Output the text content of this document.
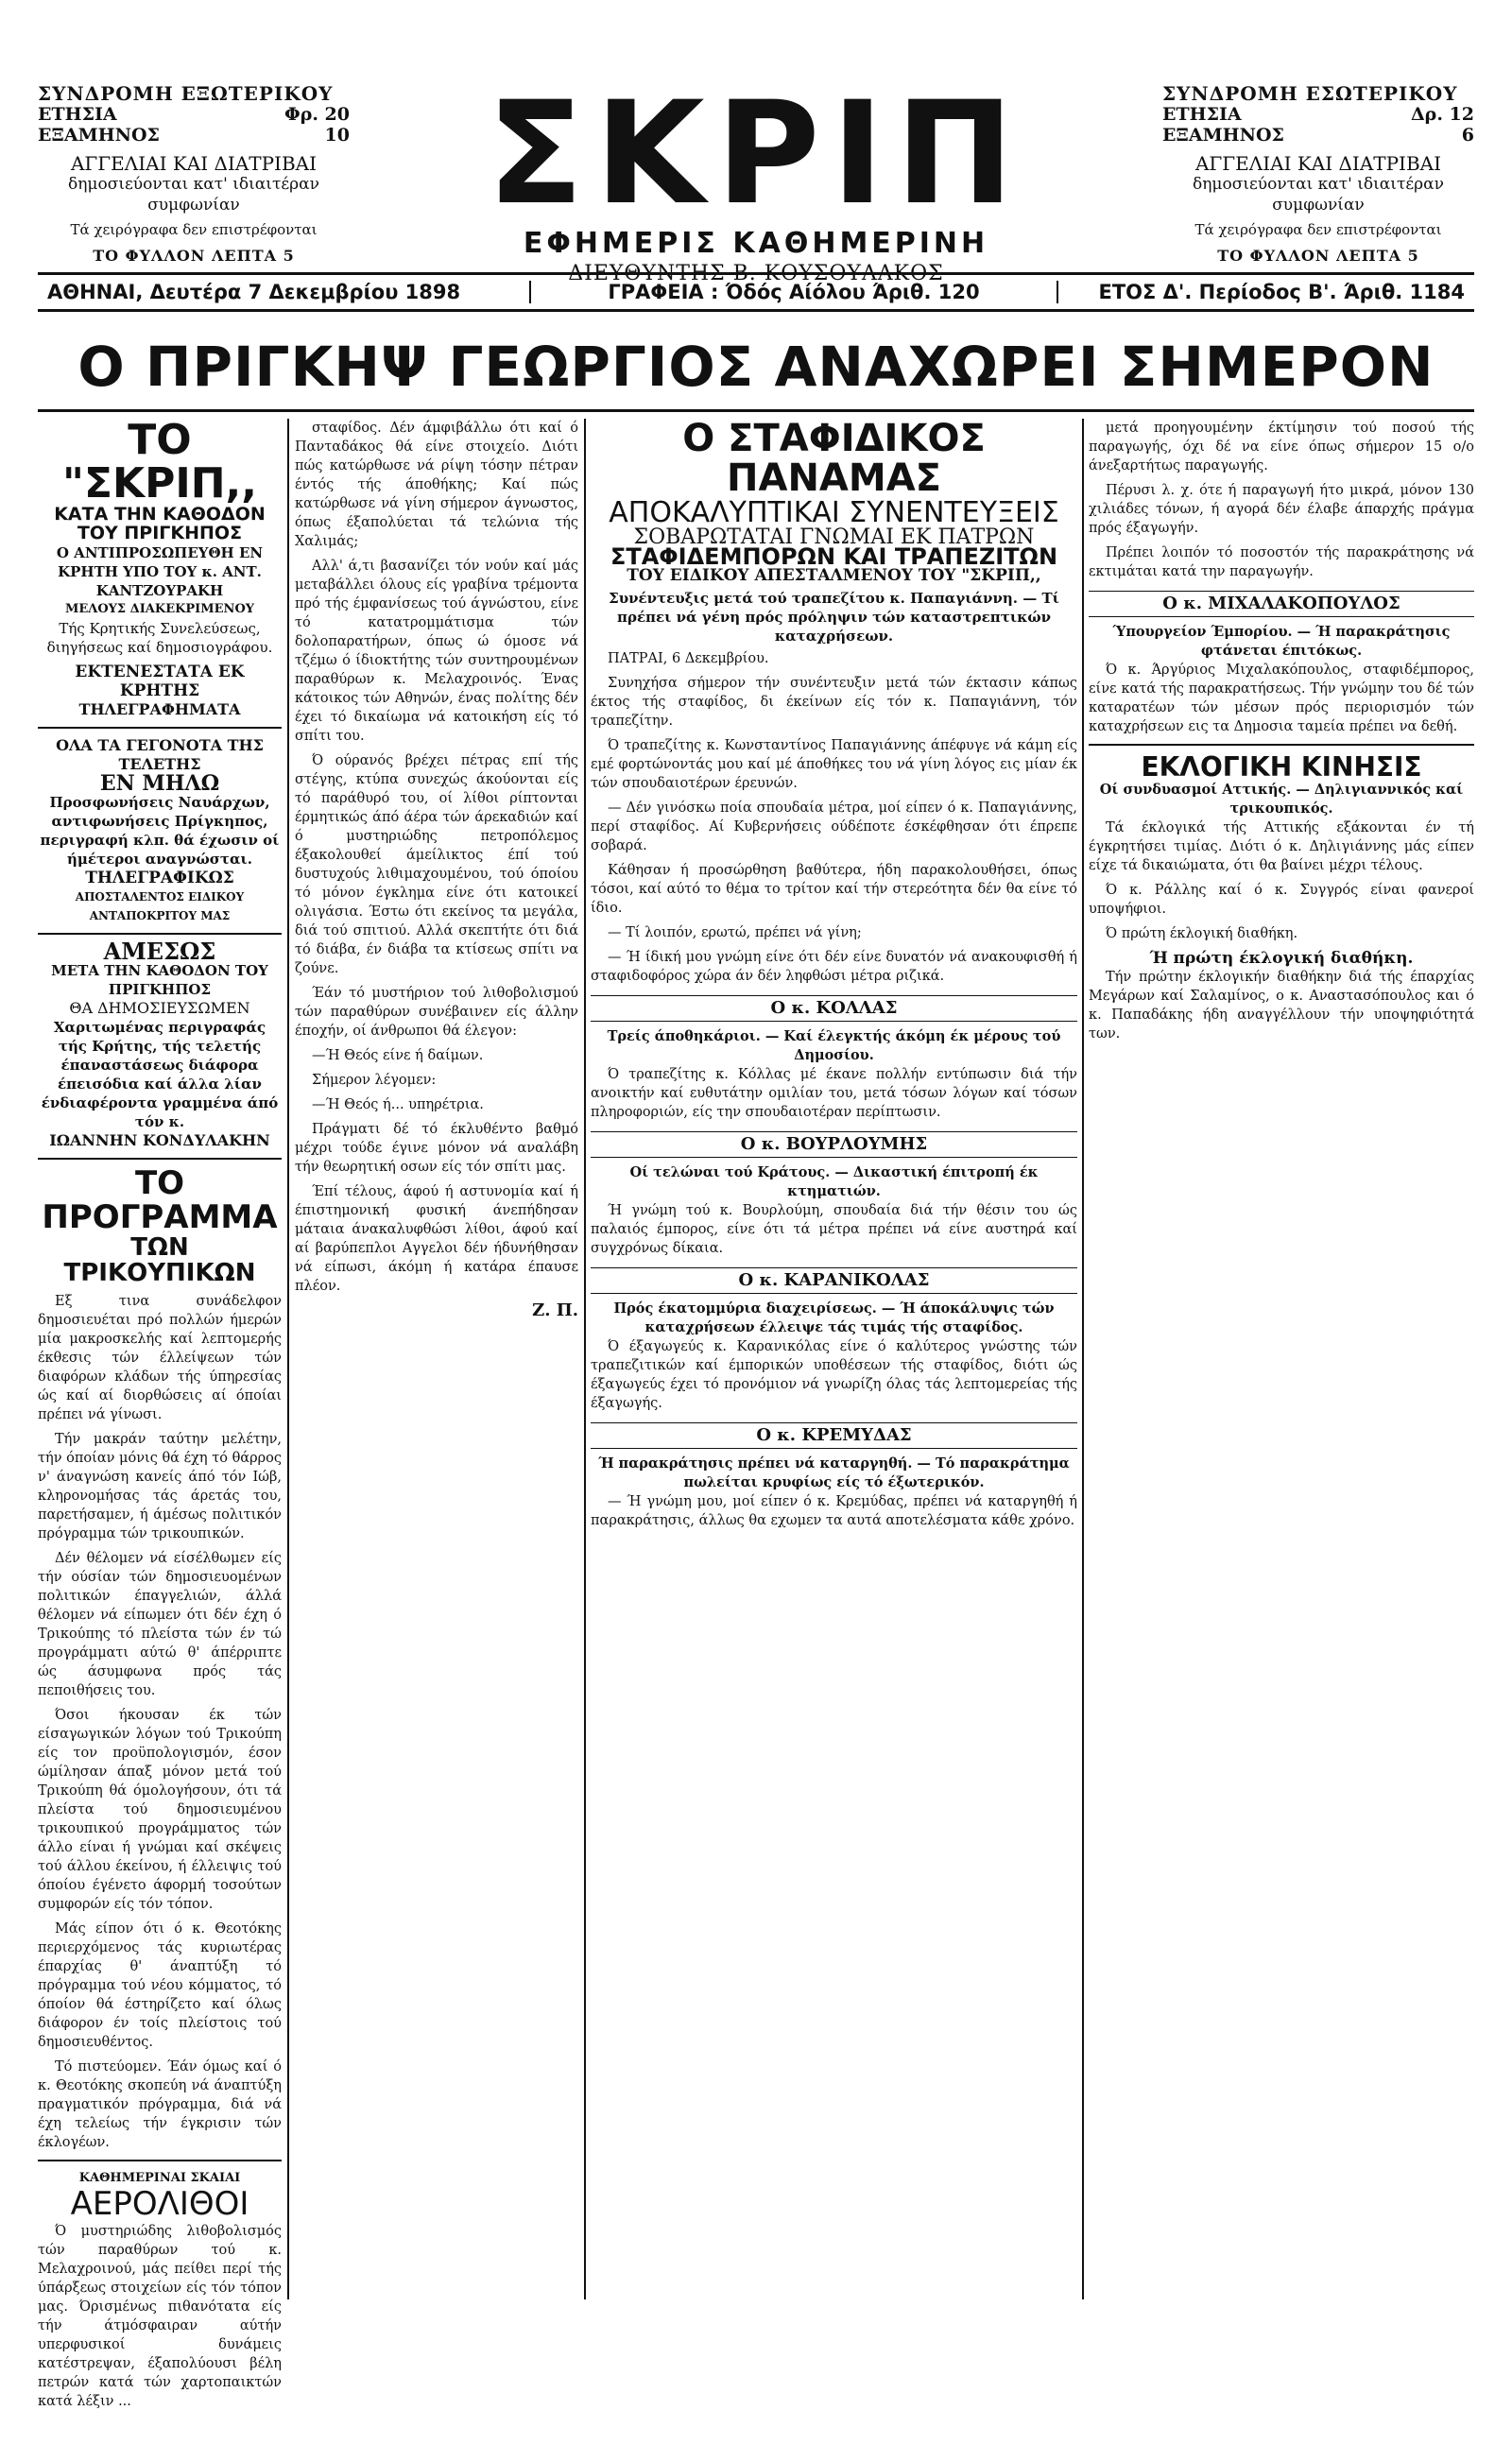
ΣΥΝΔΡΟΜΗ ΕΞΩΤΕΡΙΚΟΥ
ΕΤΗΣΙΑ	Φρ. 20
ΕΞΑΜΗΝΟΣ	10
ΑΓΓΕΛΙΑΙ ΚΑΙ ΔΙΑΤΡΙΒΑΙ
δημοσιεύονται κατ' ιδιαιτέραν συμφωνίαν
Τά χειρόγραφα δεν επιστρέφονται
ΤΟ ΦΥΛΛΟΝ ΛΕΠΤΑ 5
ΣΚΡΙΠ
ΕΦΗΜΕΡΙΣ ΚΑΘΗΜΕΡΙΝΗ
ΔΙΕΥΘΥΝΤΗΣ Β. ΚΟΥΣΟΥΛΑΚΟΣ
ΣΥΝΔΡΟΜΗ ΕΣΩΤΕΡΙΚΟΥ
ΕΤΗΣΙΑ	Δρ. 12
ΕΞΑΜΗΝΟΣ	6
ΑΓΓΕΛΙΑΙ ΚΑΙ ΔΙΑΤΡΙΒΑΙ
δημοσιεύονται κατ' ιδιαιτέραν συμφωνίαν
Τά χειρόγραφα δεν επιστρέφονται
ΤΟ ΦΥΛΛΟΝ ΛΕΠΤΑ 5
ΑΘΗΝΑΙ, Δευτέρα 7 Δεκεμβρίου 1898	ΓΡΑΦΕΙΑ : Όδός Αίόλου Άριθ. 120	ΕΤΟΣ Δ'. Περίοδος Β'. Άριθ. 1184
Ο ΠΡΙΓΚΗΨ ΓΕΩΡΓΙΟΣ ΑΝΑΧΩΡΕΙ ΣΗΜΕΡΟΝ
ΤΟ "ΣΚΡΙΠ,,
ΚΑΤΑ ΤΗΝ ΚΑΘΟΔΟΝ ΤΟΥ ΠΡΙΓΚΗΠΟΣ
Ο ΑΝΤΙΠΡΟΣΩΠΕΥΘΗ ΕΝ ΚΡΗΤΗ ΥΠΟ ΤΟΥ κ. ΑΝΤ. ΚΑΝΤΖΟΥΡΑΚΗ
ΜΕΛΟΥΣ ΔΙΑΚΕΚΡΙΜΕΝΟΥ
Τής Κρητικής Συνελεύσεως, διηγήσεως καί δημοσιογράφου.
ΕΚΤΕΝΕΣΤΑΤΑ ΕΚ ΚΡΗΤΗΣ
ΤΗΛΕΓΡΑΦΗΜΑΤΑ
ΟΛΑ ΤΑ ΓΕΓΟΝΟΤΑ ΤΗΣ ΤΕΛΕΤΗΣ
ΕΝ ΜΗΛΩ
Προσφωνήσεις Ναυάρχων, αντιφωνήσεις Πρίγκηπος, περιγραφή κλπ. θά έχωσιν οί ήμέτεροι αναγνώσται.
ΤΗΛΕΓΡΑΦΙΚΩΣ
ΑΠΟΣΤΑΛΕΝΤΟΣ ΕΙΔΙΚΟΥ ΑΝΤΑΠΟΚΡΙΤΟΥ ΜΑΣ
ΑΜΕΣΩΣ
ΜΕΤΑ ΤΗΝ ΚΑΘΟΔΟΝ ΤΟΥ ΠΡΙΓΚΗΠΟΣ
ΘΑ ΔΗΜΟΣΙΕΥΣΩΜΕΝ
Χαριτωμένας περιγραφάς τής Κρήτης, τής τελετής έπαναστάσεως διάφορα έπεισόδια καί άλλα λίαν ένδιαφέροντα γραμμένα άπό τόν κ.
ΙΩΑΝΝΗΝ ΚΟΝΔΥΛΑΚΗΝ
ΤΟ ΠΡΟΓΡΑΜΜΑ
ΤΩΝ ΤΡΙΚΟΥΠΙΚΩΝ

Εξ τινα συνάδελφον δημοσιευέται πρό πολλών ήμερών μία μακροσκελής καί λεπτομερής έκθεσις τών έλλείψεων τών διαφόρων κλάδων τής ύπηρεσίας ώς καί αί διορθώσεις αί όποίαι πρέπει νά γίνωσι.

Τήν μακράν ταύτην μελέτην, τήν όποίαν μόνις θά έχη τό θάρρος ν' άναγνώση κανείς άπό τόν Ιώβ, κληρονομήσας τάς άρετάς του, παρετήσαμεν, ή άμέσως πολιτικόν πρόγραμμα τών τρικουπικών.

Δέν θέλομεν νά είσέλθωμεν είς τήν ούσίαν τών δημοσιευομένων πολιτικών έπαγγελιών, άλλά θέλομεν νά είπωμεν ότι δέν έχη ό Τρικούπης τό πλείστα τών έν τώ προγράμματι αύτώ θ' άπέρριπτε ώς άσυμφωνα πρός τάς πεποιθήσεις του.

Όσοι ήκουσαν έκ τών είσαγωγικών λόγων τού Τρικούπη είς τον προϋπολογισμόν, έσον ώμίλησαν άπαξ μόνον μετά τού Τρικούπη θά όμολογήσουν, ότι τά πλείστα τού δημοσιευμένου τρικουπικού προγράμματος τών άλλο είναι ή γνώμαι καί σκέψεις τού άλλου έκείνου, ή έλλειψις τού όποίου έγένετο άφορμή τοσούτων συμφορών είς τόν τόπον.

Μάς είπον ότι ό κ. Θεοτόκης περιερχόμενος τάς κυριωτέρας έπαρχίας θ' άναπτύξη τό πρόγραμμα τού νέου κόμματος, τό όποίον θά έστηρίζετο καί όλως διάφορον έν τοίς πλείστοις τού δημοσιευθέντος.

Τό πιστεύομεν. Έάν όμως καί ό κ. Θεοτόκης σκοπεύη νά άναπτύξη πραγματικόν πρόγραμμα, διά νά έχη τελείως τήν έγκρισιν τών έκλογέων.

ΚΑΘΗΜΕΡΙΝΑΙ ΣΚΑΙΑΙ
ΑΕΡΟΛΙΘΟΙ

Ό μυστηριώδης λιθοβολισμός τών παραθύρων τού κ. Μελαχροινού, μάς πείθει περί τής ύπάρξεως στοιχείων είς τόν τόπον μας. Όρισμένως πιθανότατα είς τήν άτμόσφαιραν αύτήν υπερφυσικοί δυνάμεις κατέστρεψαν, έξαπολύουσι βέλη πετρών κατά τών χαρτοπαικτών κατά λέξιν ...

σταφίδος. Δέν άμφιβάλλω ότι καί ό Πανταδάκος θά είνε στοιχείο. Διότι πώς κατώρθωσε νά ρίψη τόσην πέτραν έντός τής άποθήκης; Καί πώς κατώρθωσε νά γίνη σήμερον άγνωστος, όπως έξαπολύεται τά τελώνια τής Χαλιμάς;

Αλλ' ά,τι βασανίζει τόν νούν καί μάς μεταβάλλει όλους είς γραβίνα τρέμοντα πρό τής έμφανίσεως τού άγνώστου, είνε τό κατατρομμάτισμα τών δολοπαρατήρων, όπως ώ όμοσε νά τζέμω ό ίδιοκτήτης τών συντηρουμένων παραθύρων κ. Μελαχροινός. Ένας κάτοικος τών Αθηνών, ένας πολίτης δέν έχει τό δικαίωμα νά κατοικήση είς τό σπίτι του.

Ό ούρανός βρέχει πέτρας επί τής στέγης, κτύπα συνεχώς άκούονται είς τό παράθυρό του, οί λίθοι ρίπτονται έρμητικώς άπό άέρα τών άρεκαδιών καί ό μυστηριώδης πετροπόλεμος έξακολουθεί άμείλικτος έπί τού δυστυχούς λιθιμαχουμένου, τού όποίου τό μόνον έγκλημα είνε ότι κατοικεί ολιγάσια. Έστω ότι εκείνος τα μεγάλα, διά τού σπιτιού. Αλλά σκεπτήτε ότι διά τό διάβα, έν διάβα τα κτίσεως σπίτι να ζούνε.

Έάν τό μυστήριον τού λιθοβολισμού τών παραθύρων συνέβαινεν είς άλλην έποχήν, οί άνθρωποι θά έλεγον:

—Ή Θεός είνε ή δαίμων.

Σήμερον λέγομεν:

—Ή Θεός ή... υπηρέτρια.

Πράγματι δέ τό έκλυθέντο βαθμό μέχρι τούδε έγινε μόνον νά αναλάβη τήν θεωρητική οσων είς τόν σπίτι μας.

Έπί τέλους, άφού ή αστυνομία καί ή έπιστημονική φυσική άνεπήδησαν μάταια άνακαλυφθώσι λίθοι, άφού καί αί βαρύπεπλοι Αγγελοι δέν ήδυνήθησαν νά είπωσι, άκόμη ή κατάρα έπαυσε πλέον.

Ζ. Π.
Ο ΣΤΑΦΙΔΙΚΟΣ ΠΑΝΑΜΑΣ
ΑΠΟΚΑΛΥΠΤΙΚΑΙ ΣΥΝΕΝΤΕΥΞΕΙΣ
ΣΟΒΑΡΩΤΑΤΑΙ ΓΝΩΜΑΙ ΕΚ ΠΑΤΡΩΝ
ΣΤΑΦΙΔΕΜΠΟΡΩΝ ΚΑΙ ΤΡΑΠΕΖΙΤΩΝ
ΤΟΥ ΕΙΔΙΚΟΥ ΑΠΕΣΤΑΛΜΕΝΟΥ ΤΟΥ "ΣΚΡΙΠ,,
Συνέντευξις μετά τού τραπεζίτου κ. Παπαγιάννη. — Τί πρέπει νά γένη πρός πρόληψιν τών καταστρεπτικών καταχρήσεων.

ΠΑΤΡΑΙ, 6 Δεκεμβρίου.

Συνηχήσα σήμερον τήν συνέντευξιν μετά τών έκτασιν κάπως έκτος τής σταφίδος, δι έκείνων είς τόν κ. Παπαγιάννη, τόν τραπεζίτην.

Ό τραπεζίτης κ. Κωνσταντίνος Παπαγιάννης άπέφυγε νά κάμη είς εμέ φορτώνοντάς μου καί μέ άποθήκες του νά γίνη λόγος εις μίαν έκ τών σπουδαιοτέρων έρευνών.

— Δέν γινόσκω ποία σπουδαία μέτρα, μοί είπεν ό κ. Παπαγιάννης, περί σταφίδος. Αί Κυβερνήσεις ούδέποτε έσκέφθησαν ότι έπρεπε σοβαρά.

Κάθησαν ή προσώρθηση βαθύτερα, ήδη παρακολουθήσει, όπως τόσοι, καί αύτό το θέμα το τρίτον καί τήν στερεότητα δέν θα είνε τό ίδιο.

— Τί λοιπόν, ερωτώ, πρέπει νά γίνη;

— Ή ίδική μου γνώμη είνε ότι δέν είνε δυνατόν νά ανακουφισθή ή σταφιδοφόρος χώρα άν δέν ληφθώσι μέτρα ριζικά.

Ο κ. ΚΟΛΛΑΣ
Τρείς άποθηκάριοι. — Καί έλεγκτής άκόμη έκ μέρους τού Δημοσίου.

Ό τραπεζίτης κ. Κόλλας μέ έκανε πολλήν εντύπωσιν διά τήν ανοικτήν καί ευθυτάτην ομιλίαν του, μετά τόσων λόγων καί τόσων πληροφοριών, είς την σπουδαιοτέραν περίπτωσιν.

Ο κ. ΒΟΥΡΛΟΥΜΗΣ
Οί τελώναι τού Κράτους. — Δικαστική έπιτροπή έκ κτηματιών.

Ή γνώμη τού κ. Βουρλούμη, σπουδαία διά τήν θέσιν του ώς παλαιός έμπορος, είνε ότι τά μέτρα πρέπει νά είνε αυστηρά καί συγχρόνως δίκαια.

Ο κ. ΚΑΡΑΝΙΚΟΛΑΣ
Πρός έκατομμύρια διαχειρίσεως. — Ή άποκάλυψις τών καταχρήσεων έλλειψε τάς τιμάς τής σταφίδος.

Ό έξαγωγεύς κ. Καρανικόλας είνε ό καλύτερος γνώστης τών τραπεζιτικών καί έμπορικών υποθέσεων τής σταφίδος, διότι ώς έξαγωγεύς έχει τό προνόμιον νά γνωρίζη όλας τάς λεπτομερείας τής έξαγωγής.

Ο κ. ΚΡΕΜΥΔΑΣ
Ή παρακράτησις πρέπει νά καταργηθή. — Τό παρακράτημα πωλείται κρυφίως είς τό έξωτερικόν.

— Ή γνώμη μου, μοί είπεν ό κ. Κρεμύδας, πρέπει νά καταργηθή ή παρακράτησις, άλλως θα εχωμεν τα αυτά αποτελέσματα κάθε χρόνο.

μετά προηγουμένην έκτίμησιν τού ποσού τής παραγωγής, όχι δέ να είνε όπως σήμερον 15 ο/ο άνεξαρτήτως παραγωγής.

Πέρυσι λ. χ. ότε ή παραγωγή ήτο μικρά, μόνον 130 χιλιάδες τόνων, ή αγορά δέν έλαβε άπαρχής πράγμα πρός έξαγωγήν.

Πρέπει λοιπόν τό ποσοστόν τής παρακράτησης νά εκτιμάται κατά την παραγωγήν.

Ο κ. ΜΙΧΑΛΑΚΟΠΟΥΛΟΣ
Ύπουργείον Έμπορίου. — Ή παρακράτησις φτάνεται έπιτόκως.

Ό κ. Άργύριος Μιχαλακόπουλος, σταφιδέμπορος, είνε κατά τής παρακρατήσεως. Τήν γνώμην του δέ τών καταρατέων τών μέσων πρός περιορισμόν τών καταχρήσεων εις τα Δημοσια ταμεία πρέπει να δεθή.

ΕΚΛΟΓΙΚΗ ΚΙΝΗΣΙΣ
Οί συνδυασμοί Αττικής. — Δηλιγιαννικός καί τρικουπικός.

Τά έκλογικά τής Αττικής εξάκονται έν τή έγκρητήσει τιμίας. Διότι ό κ. Δηλιγιάννης μάς είπεν είχε τά δικαιώματα, ότι θα βαίνει μέχρι τέλους.

Ό κ. Ράλλης καί ό κ. Συγγρός είναι φανεροί υποψήφιοι.

Ό πρώτη έκλογική διαθήκη.

Ή πρώτη έκλογική διαθήκη.

Τήν πρώτην έκλογικήν διαθήκην διά τής έπαρχίας Μεγάρων καί Σαλαμίνος, ο κ. Αναστασόπουλος και ό κ. Παπαδάκης ήδη αναγγέλλουν τήν υποψηφιότητά των.
